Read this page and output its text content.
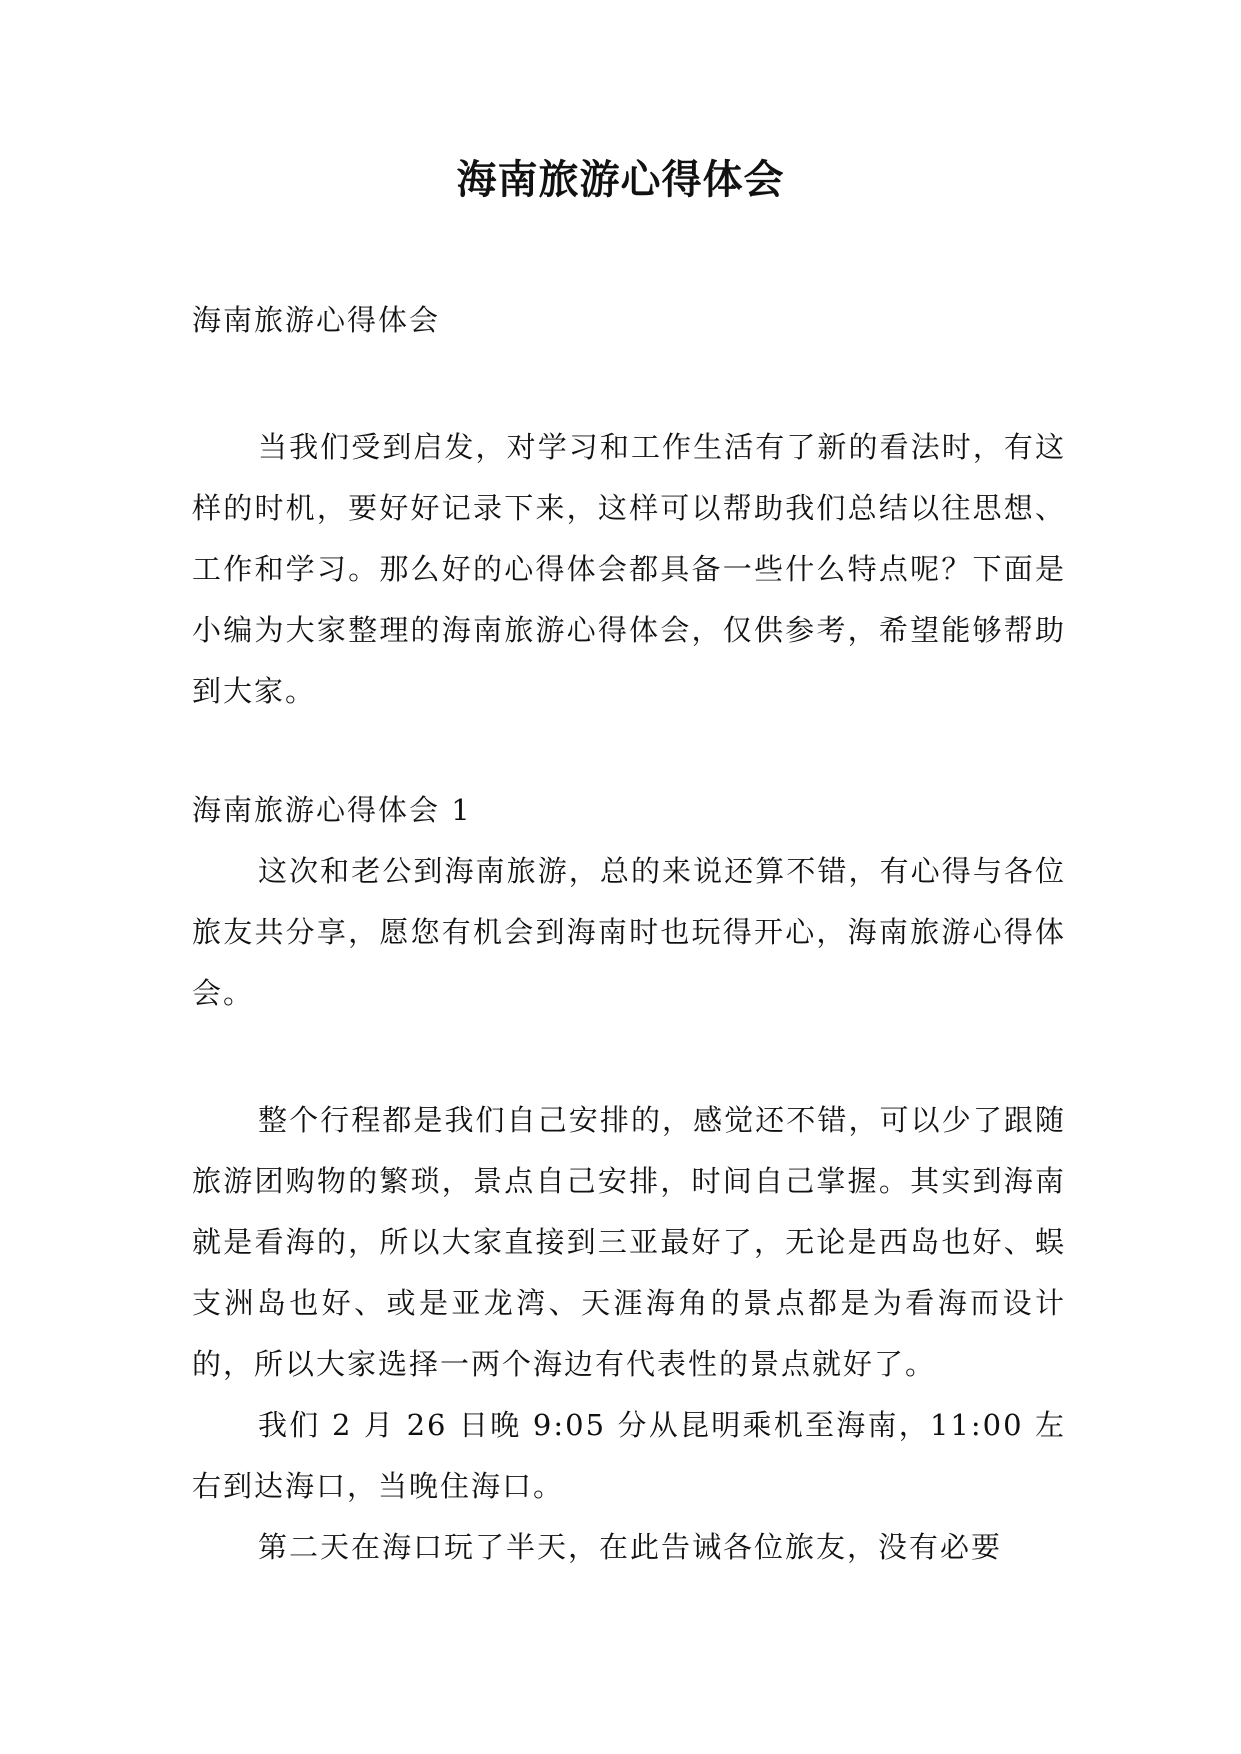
海南旅游心得体会

海南旅游心得体会

当我们受到启发，对学习和工作生活有了新的看法时，有这样的时机，要好好记录下来，这样可以帮助我们总结以往思想、工作和学习。那么好的心得体会都具备一些什么特点呢？下面是小编为大家整理的海南旅游心得体会，仅供参考，希望能够帮助到大家。

海南旅游心得体会 1

这次和老公到海南旅游，总的来说还算不错，有心得与各位旅友共分享，愿您有机会到海南时也玩得开心，海南旅游心得体会。

整个行程都是我们自己安排的，感觉还不错，可以少了跟随旅游团购物的繁琐，景点自己安排，时间自己掌握。其实到海南就是看海的，所以大家直接到三亚最好了，无论是西岛也好、蜈支洲岛也好、或是亚龙湾、天涯海角的景点都是为看海而设计的，所以大家选择一两个海边有代表性的景点就好了。

我们 2 月 26 日晚 9:05 分从昆明乘机至海南，11:00 左右到达海口，当晚住海口。

第二天在海口玩了半天，在此告诫各位旅友，没有必要
